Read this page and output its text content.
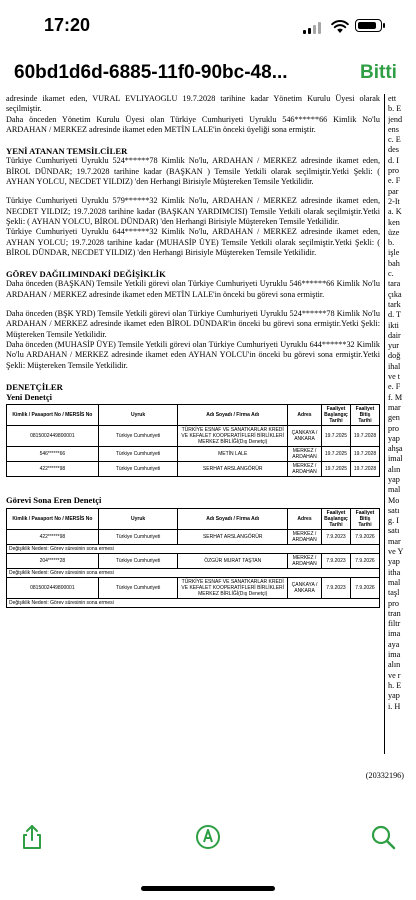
17:20
60bd1d6d-6885-11f0-90bc-48...	Bitti

adresinde ikamet eden, VURAL EVLIYAOGLU 19.7.2028 tarihine kadar Yönetim Kurulu Üyesi olarak seçilmiştir.

Daha önceden Yönetim Kurulu Üyesi olan Türkiye Cumhuriyeti Uyruklu 546******66 Kimlik No'lu ARDAHAN / MERKEZ adresinde ikamet eden METİN LALE'in önceki üyeliği sona ermiştir.

YENİ ATANAN TEMSİLCİLER

Türkiye Cumhuriyeti Uyruklu 524******78 Kimlik No'lu, ARDAHAN / MERKEZ adresinde ikamet eden, BİROL DÜNDAR; 19.7.2028 tarihine kadar (BAŞKAN ) Temsile Yetkili olarak seçilmiştir.Yetki Şekli: ( AYHAN YOLCU, NECDET YILDIZ) 'den Herhangi Birisiyle Müştereken Temsile Yetkilidir.

Türkiye Cumhuriyeti Uyruklu 579******32 Kimlik No'lu, ARDAHAN / MERKEZ adresinde ikamet eden, NECDET YILDIZ; 19.7.2028 tarihine kadar (BAŞKAN YARDIMCISI) Temsile Yetkili olarak seçilmiştir.Yetki Şekli: ( AYHAN YOLCU, BİROL DÜNDAR) 'den Herhangi Birisiyle Müştereken Temsile Yetkilidir.

Türkiye Cumhuriyeti Uyruklu 644******32 Kimlik No'lu, ARDAHAN / MERKEZ adresinde ikamet eden, AYHAN YOLCU; 19.7.2028 tarihine kadar (MUHASİP ÜYE) Temsile Yetkili olarak seçilmiştir.Yetki Şekli: ( BİROL DÜNDAR, NECDET YILDIZ) 'den Herhangi Birisiyle Müştereken Temsile Yetkilidir.

GÖREV DAĞILIMINDAKİ DEĞİŞİKLİK

Daha önceden (BAŞKAN) Temsile Yetkili görevi olan Türkiye Cumhuriyeti Uyruklu 546******66 Kimlik No'lu ARDAHAN / MERKEZ adresinde ikamet eden METİN LALE'in önceki bu görevi sona ermiştir.

Daha önceden (BŞK YRD) Temsile Yetkili görevi olan Türkiye Cumhuriyeti Uyruklu 524******78 Kimlik No'lu ARDAHAN / MERKEZ adresinde ikamet eden BİROL DÜNDAR'in önceki bu görevi sona ermiştir.Yetki Şekli: Müştereken Temsile Yetkilidir.

Daha önceden (MUHASİP ÜYE) Temsile Yetkili görevi olan Türkiye Cumhuriyeti Uyruklu 644******32 Kimlik No'lu ARDAHAN / MERKEZ adresinde ikamet eden AYHAN YOLCU'in önceki bu görevi sona ermiştir.Yetki Şekli: Müştereken Temsile Yetkilidir.

DENETÇİLER
Yeni Denetçi
Kimlik / Pasaport No / MERSİS No	Uyruk	Adı Soyadı / Firma Adı	Adres	Faaliyet Başlangıç Tarihi	Faaliyet Bitiş Tarihi
0815002449800001	Türkiye Cumhuriyeti	TÜRKİYE ESNAF VE SANATKARLAR KREDİ VE KEFALET KOOPERATİFLERİ BİRLİKLERİ MERKEZ BİRLİĞİ(Dış Denetçi)	ÇANKAYA / ANKARA	19.7.2025	19.7.2028
546******66	Türkiye Cumhuriyeti	METİN LALE	MERKEZ / ARDAHAN	19.7.2025	19.7.2028
422******98	Türkiye Cumhuriyeti	SERHAT ARSLANGÖRÜR	MERKEZ / ARDAHAN	19.7.2025	19.7.2028
Görevi Sona Eren Denetçi
Kimlik / Pasaport No / MERSİS No	Uyruk	Adı Soyadı / Firma Adı	Adres	Faaliyet Başlangıç Tarihi	Faaliyet Bitiş Tarihi
422******98	Türkiye Cumhuriyeti	SERHAT ARSLANGÖRÜR	MERKEZ / ARDAHAN	7.9.2023	7.9.2026
Değişiklik Nedeni: Görev süresinin sona ermesi					
204******28	Türkiye Cumhuriyeti	ÖZGÜR MURAT TAŞTAN	MERKEZ / ARDAHAN	7.9.2023	7.9.2026
Değişiklik Nedeni: Görev süresinin sona ermesi					
0815002449800001	Türkiye Cumhuriyeti	TÜRKİYE ESNAF VE SANATKARLAR KREDİ VE KEFALET KOOPERATİFLERİ BİRLİKLERİ MERKEZ BİRLİĞİ(Dış Denetçi)	ÇANKAYA / ANKARA	7.9.2023	7.9.2026
Değişiklik Nedeni: Görev süresinin sona ermesi					
ett
b. E
jend
ens
c. E
des
d. I
pro
e. F
par
2-It
a. K
ken
üze
b.
işle
bah
c.
tara
çıka
tark
d. T
ikti
dair
yur
doğ
ihal
ve t
e. F
f. M
mar
gen
pro
yap
ahşa
imal
alın
yap
mal
Mo
satı
g. I
satı
mar
ve Y
yap
itha
mal
taşl
pro
tran
filtr
ima
aya
ima
alın
ve r
h. E
yap
i. H
(20332196)
